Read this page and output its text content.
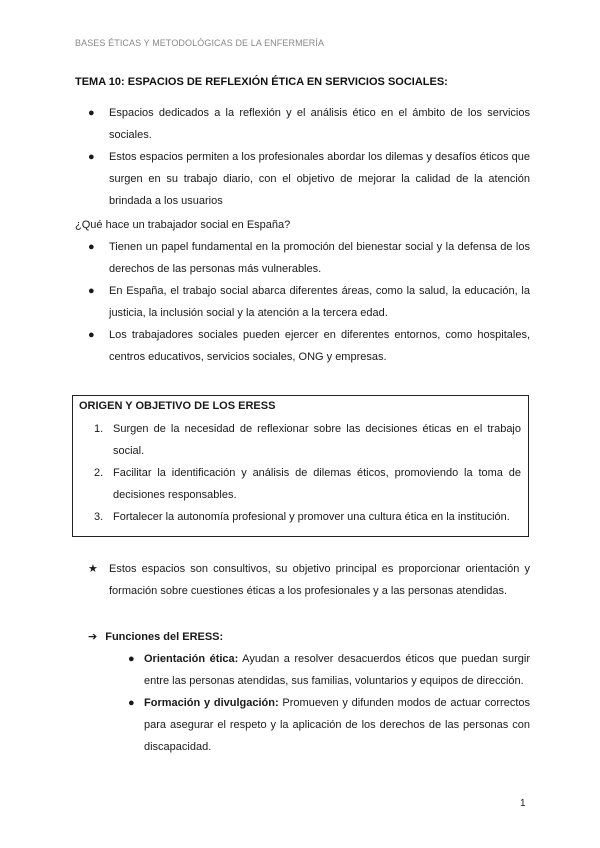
BASES ÉTICAS Y METODOLÓGICAS DE LA ENFERMERÍA
TEMA 10: ESPACIOS DE REFLEXIÓN ÉTICA EN SERVICIOS SOCIALES:
● Espacios dedicados a la reflexión y el análisis ético en el ámbito de los servicios sociales.
● Estos espacios permiten a los profesionales abordar los dilemas y desafíos éticos que surgen en su trabajo diario, con el objetivo de mejorar la calidad de la atención brindada a los usuarios
¿Qué hace un trabajador social en España?
● Tienen un papel fundamental en la promoción del bienestar social y la defensa de los derechos de las personas más vulnerables.
● En España, el trabajo social abarca diferentes áreas, como la salud, la educación, la justicia, la inclusión social y la atención a la tercera edad.
● Los trabajadores sociales pueden ejercer en diferentes entornos, como hospitales, centros educativos, servicios sociales, ONG y empresas.
ORIGEN Y OBJETIVO DE LOS ERESS
1. Surgen de la necesidad de reflexionar sobre las decisiones éticas en el trabajo social.
2. Facilitar la identificación y análisis de dilemas éticos, promoviendo la toma de decisiones responsables.
3. Fortalecer la autonomía profesional y promover una cultura ética en la institución.
★ Estos espacios son consultivos, su objetivo principal es proporcionar orientación y formación sobre cuestiones éticas a los profesionales y a las personas atendidas.
➔ Funciones del ERESS:
● Orientación ética: Ayudan a resolver desacuerdos éticos que puedan surgir entre las personas atendidas, sus familias, voluntarios y equipos de dirección.
● Formación y divulgación: Promueven y difunden modos de actuar correctos para asegurar el respeto y la aplicación de los derechos de las personas con discapacidad.
1
